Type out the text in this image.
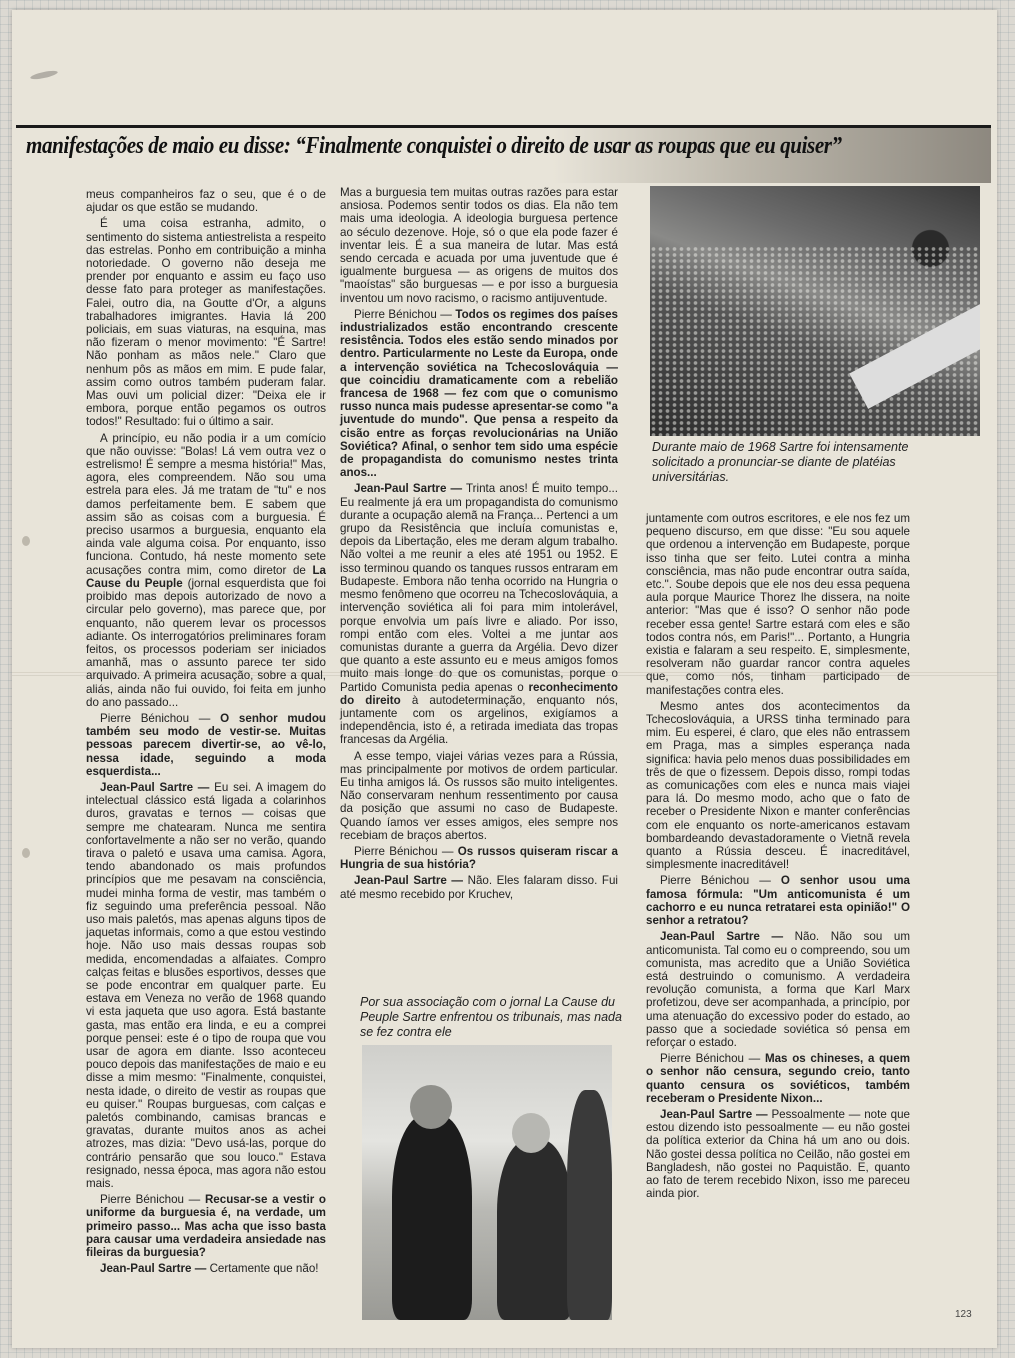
manifestações de maio eu disse: “Finalmente conquistei o direito de usar as roupas que eu quiser”

meus companheiros faz o seu, que é o de ajudar os que estão se mudando.

É uma coisa estranha, admito, o sentimento do sistema antiestrelista a respeito das estrelas. Ponho em contribuição a minha notoriedade. O governo não deseja me prender por enquanto e assim eu faço uso desse fato para proteger as manifestações. Falei, outro dia, na Goutte d'Or, a alguns trabalhadores imigrantes. Havia lá 200 policiais, em suas viaturas, na esquina, mas não fizeram o menor movimento: "É Sartre! Não ponham as mãos nele." Claro que nenhum pôs as mãos em mim. E pude falar, assim como outros também puderam falar. Mas ouvi um policial dizer: "Deixa ele ir embora, porque então pegamos os outros todos!" Resultado: fui o último a sair.

A princípio, eu não podia ir a um comício que não ouvisse: "Bolas! Lá vem outra vez o estrelismo! É sempre a mesma história!" Mas, agora, eles compreendem. Não sou uma estrela para eles. Já me tratam de "tu" e nos damos perfeitamente bem. E sabem que assim são as coisas com a burguesia. É preciso usarmos a burguesia, enquanto ela ainda vale alguma coisa. Por enquanto, isso funciona. Contudo, há neste momento sete acusações contra mim, como diretor de La Cause du Peuple (jornal esquerdista que foi proibido mas depois autorizado de novo a circular pelo governo), mas parece que, por enquanto, não querem levar os processos adiante. Os interrogatórios preliminares foram feitos, os processos poderiam ser iniciados amanhã, mas o assunto parece ter sido arquivado. A primeira acusação, sobre a qual, aliás, ainda não fui ouvido, foi feita em junho do ano passado...

Pierre Bénichou — O senhor mudou também seu modo de vestir-se. Muitas pessoas parecem divertir-se, ao vê-lo, nessa idade, seguindo a moda esquerdista...

Jean-Paul Sartre — Eu sei. A imagem do intelectual clássico está ligada a colarinhos duros, gravatas e ternos — coisas que sempre me chatearam. Nunca me sentira confortavelmente a não ser no verão, quando tirava o paletó e usava uma camisa. Agora, tendo abandonado os mais profundos princípios que me pesavam na consciência, mudei minha forma de vestir, mas também o fiz seguindo uma preferência pessoal. Não uso mais paletós, mas apenas alguns tipos de jaquetas informais, como a que estou vestindo hoje. Não uso mais dessas roupas sob medida, encomendadas a alfaiates. Compro calças feitas e blusões esportivos, desses que se pode encontrar em qualquer parte. Eu estava em Veneza no verão de 1968 quando vi esta jaqueta que uso agora. Está bastante gasta, mas então era linda, e eu a comprei porque pensei: este é o tipo de roupa que vou usar de agora em diante. Isso aconteceu pouco depois das manifestações de maio e eu disse a mim mesmo: "Finalmente, conquistei, nesta idade, o direito de vestir as roupas que eu quiser." Roupas burguesas, com calças e paletós combinando, camisas brancas e gravatas, durante muitos anos as achei atrozes, mas dizia: "Devo usá-las, porque do contrário pensarão que sou louco." Estava resignado, nessa época, mas agora não estou mais.

Pierre Bénichou — Recusar-se a vestir o uniforme da burguesia é, na verdade, um primeiro passo... Mas acha que isso basta para causar uma verdadeira ansiedade nas fileiras da burguesia?

Jean-Paul Sartre — Certamente que não!

Mas a burguesia tem muitas outras razões para estar ansiosa. Podemos sentir todos os dias. Ela não tem mais uma ideologia. A ideologia burguesa pertence ao século dezenove. Hoje, só o que ela pode fazer é inventar leis. É a sua maneira de lutar. Mas está sendo cercada e acuada por uma juventude que é igualmente burguesa — as origens de muitos dos "maoístas" são burguesas — e por isso a burguesia inventou um novo racismo, o racismo antijuventude.

Pierre Bénichou — Todos os regimes dos países industrializados estão encontrando crescente resistência. Todos eles estão sendo minados por dentro. Particularmente no Leste da Europa, onde a intervenção soviética na Tchecoslováquia — que coincidiu dramaticamente com a rebelião francesa de 1968 — fez com que o comunismo russo nunca mais pudesse apresentar-se como "a juventude do mundo". Que pensa a respeito da cisão entre as forças revolucionárias na União Soviética? Afinal, o senhor tem sido uma espécie de propagandista do comunismo nestes trinta anos...

Jean-Paul Sartre — Trinta anos! É muito tempo... Eu realmente já era um propagandista do comunismo durante a ocupação alemã na França... Pertenci a um grupo da Resistência que incluía comunistas e, depois da Libertação, eles me deram algum trabalho. Não voltei a me reunir a eles até 1951 ou 1952. E isso terminou quando os tanques russos entraram em Budapeste. Embora não tenha ocorrido na Hungria o mesmo fenômeno que ocorreu na Tchecoslováquia, a intervenção soviética ali foi para mim intolerável, porque envolvia um país livre e aliado. Por isso, rompi então com eles. Voltei a me juntar aos comunistas durante a guerra da Argélia. Devo dizer que quanto a este assunto eu e meus amigos fomos muito mais longe do que os comunistas, porque o Partido Comunista pedia apenas o reconhecimento do direito à autodeterminação, enquanto nós, juntamente com os argelinos, exigíamos a independência, isto é, a retirada imediata das tropas francesas da Argélia.

A esse tempo, viajei várias vezes para a Rússia, mas principalmente por motivos de ordem particular. Eu tinha amigos lá. Os russos são muito inteligentes. Não conservaram nenhum ressentimento por causa da posição que assumi no caso de Budapeste. Quando íamos ver esses amigos, eles sempre nos recebiam de braços abertos.

Pierre Bénichou — Os russos quiseram riscar a Hungria de sua história?

Jean-Paul Sartre — Não. Eles falaram disso. Fui até mesmo recebido por Kruchev,

Durante maio de 1968 Sartre foi intensamente solicitado a pronunciar-se diante de platéias universitárias.

juntamente com outros escritores, e ele nos fez um pequeno discurso, em que disse: "Eu sou aquele que ordenou a intervenção em Budapeste, porque isso tinha que ser feito. Lutei contra a minha consciência, mas não pude encontrar outra saída, etc.". Soube depois que ele nos deu essa pequena aula porque Maurice Thorez lhe dissera, na noite anterior: "Mas que é isso? O senhor não pode receber essa gente! Sartre estará com eles e são todos contra nós, em Paris!"... Portanto, a Hungria existia e falaram a seu respeito. E, simplesmente, resolveram não guardar rancor contra aqueles que, como nós, tinham participado de manifestações contra eles.

Mesmo antes dos acontecimentos da Tchecoslováquia, a URSS tinha terminado para mim. Eu esperei, é claro, que eles não entrassem em Praga, mas a simples esperança nada significa: havia pelo menos duas possibilidades em três de que o fizessem. Depois disso, rompi todas as comunicações com eles e nunca mais viajei para lá. Do mesmo modo, acho que o fato de receber o Presidente Nixon e manter conferências com ele enquanto os norte-americanos estavam bombardeando devastadoramente o Vietnã revela quanto a Rússia desceu. É inacreditável, simplesmente inacreditável!

Pierre Bénichou — O senhor usou uma famosa fórmula: "Um anticomunista é um cachorro e eu nunca retratarei esta opinião!" O senhor a retratou?

Jean-Paul Sartre — Não. Não sou um anticomunista. Tal como eu o compreendo, sou um comunista, mas acredito que a União Soviética está destruindo o comunismo. A verdadeira revolução comunista, a forma que Karl Marx profetizou, deve ser acompanhada, a princípio, por uma atenuação do excessivo poder do estado, ao passo que a sociedade soviética só pensa em reforçar o estado.

Pierre Bénichou — Mas os chineses, a quem o senhor não censura, segundo creio, tanto quanto censura os soviéticos, também receberam o Presidente Nixon...

Jean-Paul Sartre — Pessoalmente — note que estou dizendo isto pessoalmente — eu não gostei da política exterior da China há um ano ou dois. Não gostei dessa política no Ceilão, não gostei em Bangladesh, não gostei no Paquistão. E, quanto ao fato de terem recebido Nixon, isso me pareceu ainda pior.

Por sua associação com o jornal La Cause du Peuple Sartre enfrentou os tribunais, mas nada se fez contra ele
123
